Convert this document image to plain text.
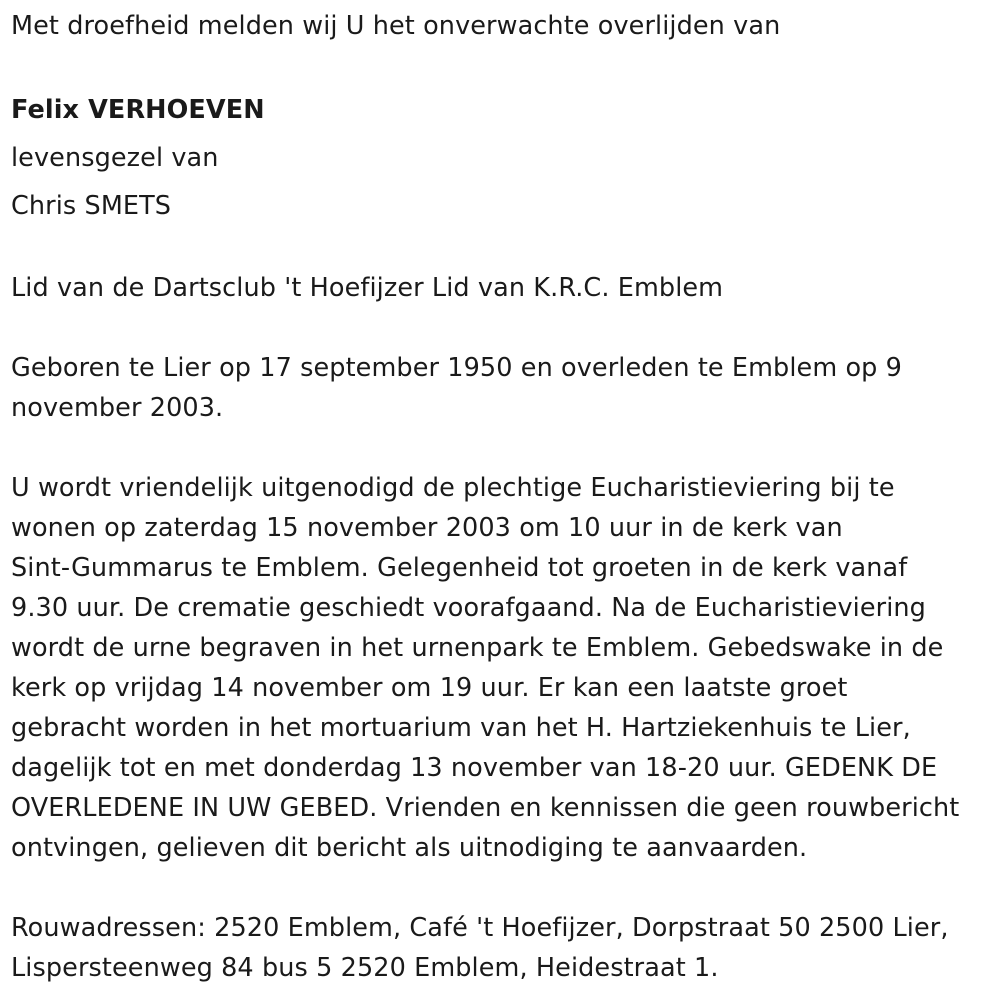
Met droefheid melden wij U het onverwachte overlijden van
Felix VERHOEVEN
levensgezel van
Chris SMETS
Lid van de Dartsclub 't Hoefijzer Lid van K.R.C. Emblem
Geboren te Lier op 17 september 1950 en overleden te Emblem op 9
november 2003.
U wordt vriendelijk uitgenodigd de plechtige Eucharistieviering bij te
wonen op zaterdag 15 november 2003 om 10 uur in de kerk van
Sint-Gummarus te Emblem. Gelegenheid tot groeten in de kerk vanaf
9.30 uur. De crematie geschiedt voorafgaand. Na de Eucharistieviering
wordt de urne begraven in het urnenpark te Emblem. Gebedswake in de
kerk op vrijdag 14 november om 19 uur. Er kan een laatste groet
gebracht worden in het mortuarium van het H. Hartziekenhuis te Lier,
dagelijk tot en met donderdag 13 november van 18-20 uur. GEDENK DE
OVERLEDENE IN UW GEBED. Vrienden en kennissen die geen rouwbericht
ontvingen, gelieven dit bericht als uitnodiging te aanvaarden.
Rouwadressen: 2520 Emblem, Café 't Hoefijzer, Dorpstraat 50 2500 Lier,
Lispersteenweg 84 bus 5 2520 Emblem, Heidestraat 1.
